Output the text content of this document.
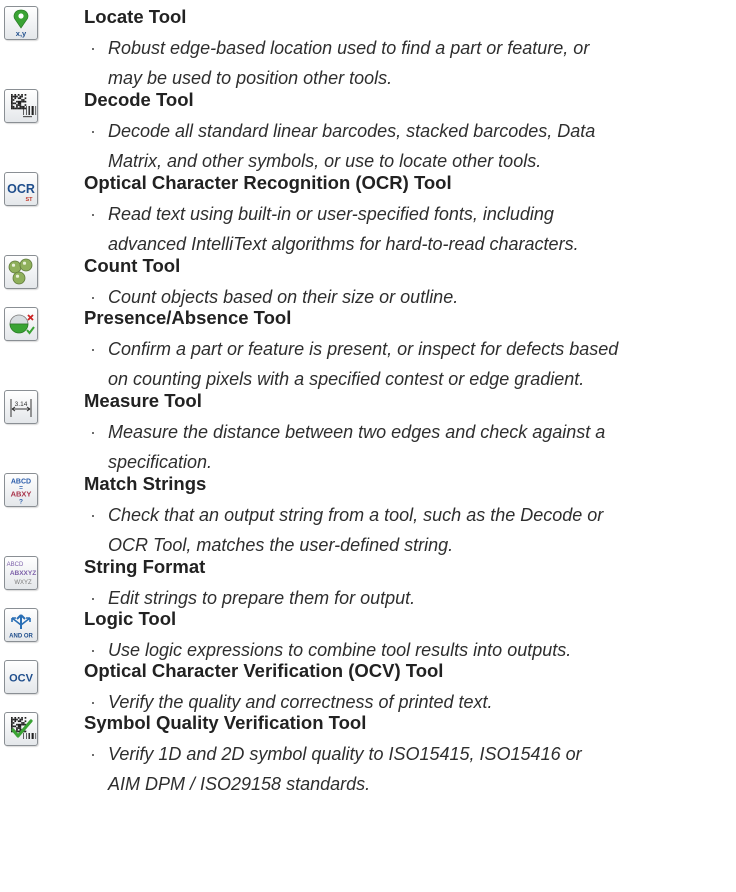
x,y
Locate Tool
· Robust edge-based location used to find a part or feature, or
may be used to position other tools.
Decode Tool
· Decode all standard linear barcodes, stacked barcodes, Data
Matrix, and other symbols, or use to locate other tools.
OCR
ST
Optical Character Recognition (OCR) Tool
· Read text using built-in or user-specified fonts, including
advanced IntelliText algorithms for hard-to-read characters.
Count Tool
· Count objects based on their size or outline.
Presence/Absence Tool
· Confirm a part or feature is present, or inspect for defects based
on counting pixels with a specified contest or edge gradient.
3.14	Measure Tool
· Measure the distance between two edges and check against a
specification.
ABCD
=
ABXY
?
Match Strings
· Check that an output string from a tool, such as the Decode or
OCR Tool, matches the user-defined string.
ABCD
ABXXYZ
WXYZ
String Format
· Edit strings to prepare them for output.
AND OR
Logic Tool
· Use logic expressions to combine tool results into outputs.
OCV	Optical Character Verification (OCV) Tool
· Verify the quality and correctness of printed text.
Symbol Quality Verification Tool
· Verify 1D and 2D symbol quality to ISO15415, ISO15416 or
AIM DPM / ISO29158 standards.
